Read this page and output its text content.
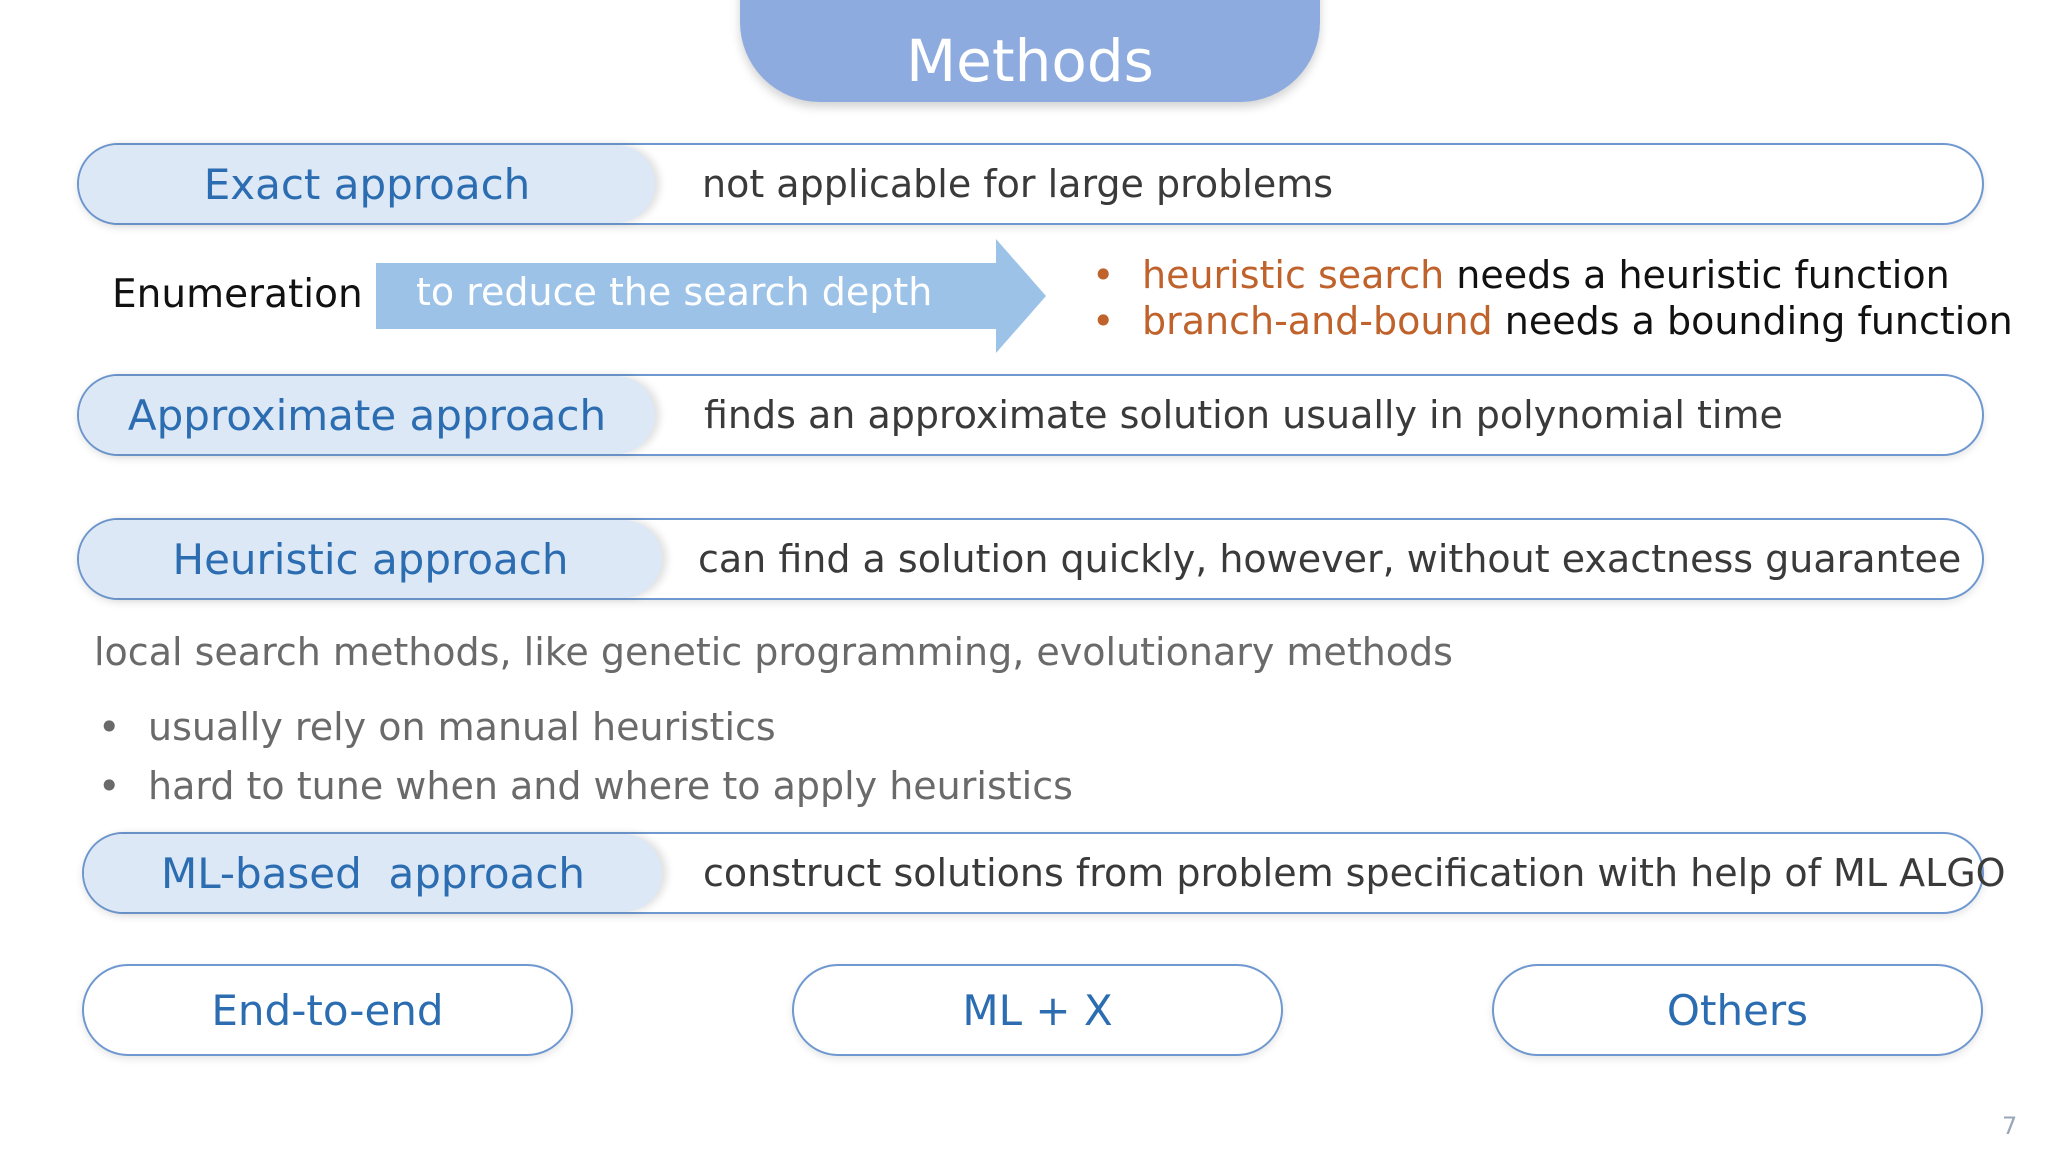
Methods
Exact approach	not applicable for large problems
Enumeration to reduce the search depth	• heuristic search needs a heuristic function
• branch-and-bound needs a bounding function
Approximate approach	finds an approximate solution usually in polynomial time
Heuristic approach	can find a solution quickly, however, without exactness guarantee
local search methods, like genetic programming, evolutionary methods
• usually rely on manual heuristics
• hard to tune when and where to apply heuristics
ML-based  approach	construct solutions from problem specification with help of ML ALGO
End-to-end	ML + X	Others
7
